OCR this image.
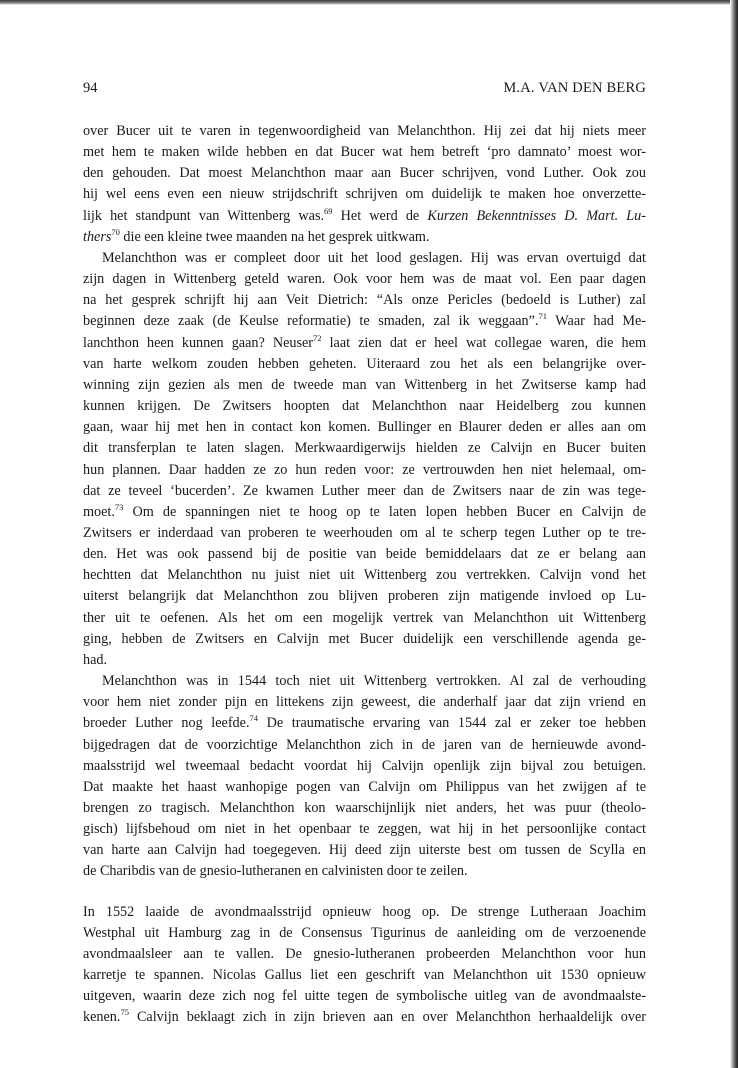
94	M.A. VAN DEN BERG

over Bucer uit te varen in tegenwoordigheid van Melanchthon. Hij zei dat hij niets meer

met hem te maken wilde hebben en dat Bucer wat hem betreft ‘pro damnato’ moest wor-

den gehouden. Dat moest Melanchthon maar aan Bucer schrijven, vond Luther. Ook zou

hij wel eens even een nieuw strijdschrift schrijven om duidelijk te maken hoe onverzette-

lijk het standpunt van Wittenberg was.$^{69}$ Het werd de Kurzen Bekenntnisses D. Mart. Lu-

thers$^{70}$ die een kleine twee maanden na het gesprek uitkwam.

Melanchthon was er compleet door uit het lood geslagen. Hij was ervan overtuigd dat

zijn dagen in Wittenberg geteld waren. Ook voor hem was de maat vol. Een paar dagen

na het gesprek schrijft hij aan Veit Dietrich: “Als onze Pericles (bedoeld is Luther) zal

beginnen deze zaak (de Keulse reformatie) te smaden, zal ik weggaan”.$^{71}$ Waar had Me-

lanchthon heen kunnen gaan? Neuser$^{72}$ laat zien dat er heel wat collegae waren, die hem

van harte welkom zouden hebben geheten. Uiteraard zou het als een belangrijke over-

winning zijn gezien als men de tweede man van Wittenberg in het Zwitserse kamp had

kunnen krijgen. De Zwitsers hoopten dat Melanchthon naar Heidelberg zou kunnen

gaan, waar hij met hen in contact kon komen. Bullinger en Blaurer deden er alles aan om

dit transferplan te laten slagen. Merkwaardigerwijs hielden ze Calvijn en Bucer buiten

hun plannen. Daar hadden ze zo hun reden voor: ze vertrouwden hen niet helemaal, om-

dat ze teveel ‘bucerden’. Ze kwamen Luther meer dan de Zwitsers naar de zin was tege-

moet.$^{73}$ Om de spanningen niet te hoog op te laten lopen hebben Bucer en Calvijn de

Zwitsers er inderdaad van proberen te weerhouden om al te scherp tegen Luther op te tre-

den. Het was ook passend bij de positie van beide bemiddelaars dat ze er belang aan

hechtten dat Melanchthon nu juist niet uit Wittenberg zou vertrekken. Calvijn vond het

uiterst belangrijk dat Melanchthon zou blijven proberen zijn matigende invloed op Lu-

ther uit te oefenen. Als het om een mogelijk vertrek van Melanchthon uit Wittenberg

ging, hebben de Zwitsers en Calvijn met Bucer duidelijk een verschillende agenda ge-

had.

Melanchthon was in 1544 toch niet uit Wittenberg vertrokken. Al zal de verhouding

voor hem niet zonder pijn en littekens zijn geweest, die anderhalf jaar dat zijn vriend en

broeder Luther nog leefde.$^{74}$ De traumatische ervaring van 1544 zal er zeker toe hebben

bijgedragen dat de voorzichtige Melanchthon zich in de jaren van de hernieuwde avond-

maalsstrijd wel tweemaal bedacht voordat hij Calvijn openlijk zijn bijval zou betuigen.

Dat maakte het haast wanhopige pogen van Calvijn om Philippus van het zwijgen af te

brengen zo tragisch. Melanchthon kon waarschijnlijk niet anders, het was puur (theolo-

gisch) lijfsbehoud om niet in het openbaar te zeggen, wat hij in het persoonlijke contact

van harte aan Calvijn had toegegeven. Hij deed zijn uiterste best om tussen de Scylla en

de Charibdis van de gnesio-lutheranen en calvinisten door te zeilen.

In 1552 laaide de avondmaalsstrijd opnieuw hoog op. De strenge Lutheraan Joachim

Westphal uit Hamburg zag in de Consensus Tigurinus de aanleiding om de verzoenende

avondmaalsleer aan te vallen. De gnesio-lutheranen probeerden Melanchthon voor hun

karretje te spannen. Nicolas Gallus liet een geschrift van Melanchthon uit 1530 opnieuw

uitgeven, waarin deze zich nog fel uitte tegen de symbolische uitleg van de avondmaalste-

kenen.$^{75}$ Calvijn beklaagt zich in zijn brieven aan en over Melanchthon herhaaldelijk over
